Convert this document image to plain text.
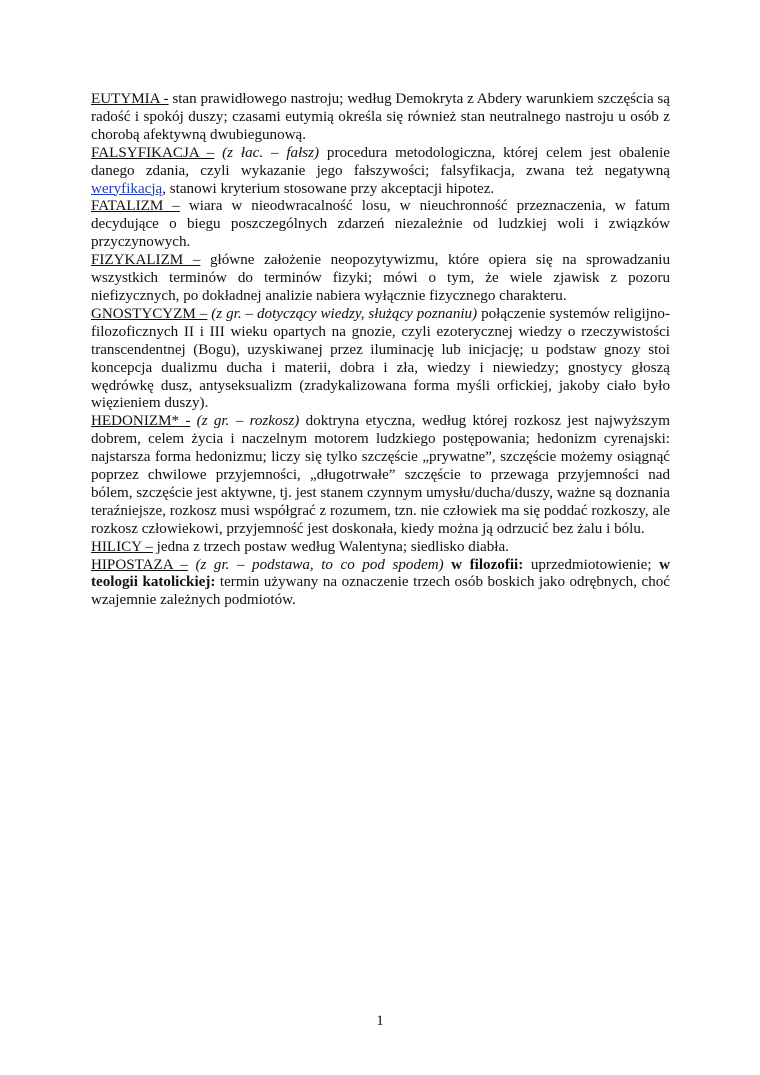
EUTYMIA - stan prawidłowego nastroju; według Demokryta z Abdery warunkiem szczęścia są radość i spokój duszy; czasami eutymią określa się również stan neutralnego nastroju u osób z chorobą afektywną dwubiegunową.

FALSYFIKACJA – (z łac. – fałsz) procedura metodologiczna, której celem jest obalenie danego zdania, czyli wykazanie jego fałszywości; falsyfikacja, zwana też negatywną weryfikacją, stanowi kryterium stosowane przy akceptacji hipotez.

FATALIZM – wiara w nieodwracalność losu, w nieuchronność przeznaczenia, w fatum decydujące o biegu poszczególnych zdarzeń niezależnie od ludzkiej woli i związków przyczynowych.

FIZYKALIZM – główne założenie neopozytywizmu, które opiera się na sprowadzaniu wszystkich terminów do terminów fizyki; mówi o tym, że wiele zjawisk z pozoru niefizycznych, po dokładnej analizie nabiera wyłącznie fizycznego charakteru.

GNOSTYCYZM – (z gr. – dotyczący wiedzy, służący poznaniu) połączenie systemów religijno-filozoficznych II i III wieku opartych na gnozie, czyli ezoterycznej wiedzy o rzeczywistości transcendentnej (Bogu), uzyskiwanej przez iluminację lub inicjację; u podstaw gnozy stoi koncepcja dualizmu ducha i materii, dobra i zła, wiedzy i niewiedzy; gnostycy głoszą wędrówkę dusz, antyseksualizm (zradykalizowana forma myśli orfickiej, jakoby ciało było więzieniem duszy).

HEDONIZM* - (z gr. – rozkosz) doktryna etyczna, według której rozkosz jest najwyższym dobrem, celem życia i naczelnym motorem ludzkiego postępowania; hedonizm cyrenajski: najstarsza forma hedonizmu; liczy się tylko szczęście „prywatne”, szczęście możemy osiągnąć poprzez chwilowe przyjemności, „długotrwałe” szczęście to przewaga przyjemności nad bólem, szczęście jest aktywne, tj. jest stanem czynnym umysłu/ducha/duszy, ważne są doznania teraźniejsze, rozkosz musi współgrać z rozumem, tzn. nie człowiek ma się poddać rozkoszy, ale rozkosz człowiekowi, przyjemność jest doskonała, kiedy można ją odrzucić bez żalu i bólu.

HILICY – jedna z trzech postaw według Walentyna; siedlisko diabła.

HIPOSTAZA – (z gr. – podstawa, to co pod spodem) w filozofii: uprzedmiotowienie; w teologii katolickiej: termin używany na oznaczenie trzech osób boskich jako odrębnych, choć wzajemnie zależnych podmiotów.

1
